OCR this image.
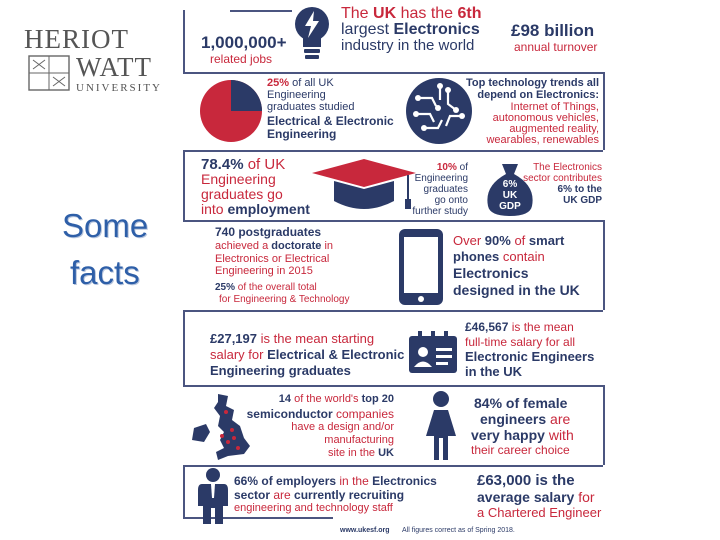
HERIOT
WATT
UNIVERSITY
Some
facts
1,000,000+
related jobs
The UK has the 6th
largest Electronics
industry in the world
£98 billion
annual turnover
25% of all UK
Engineering
graduates studied
Electrical & Electronic
Engineering
Top technology trends all
depend on Electronics:
Internet of Things,
autonomous vehicles,
augmented reality,
wearables, renewables
78.4% of UK
Engineering
graduates go
into employment
10% of
Engineering
graduates
go onto
further study
6%
UK
GDP
The Electronics
sector contributes
6% to the
UK GDP
740 postgraduates
achieved a doctorate in
Electronics or Electrical
Engineering in 2015
25% of the overall total
for Engineering & Technology
Over 90% of smart
phones contain
Electronics
designed in the UK
£27,197 is the mean starting
salary for Electrical & Electronic
Engineering graduates
£46,567 is the mean
full-time salary for all
Electronic Engineers
in the UK
14 of the world's top 20
semiconductor companies
have a design and/or
manufacturing
site in the UK
84% of female
engineers are
very happy with
their career choice
66% of employers in the Electronics
sector are currently recruiting
engineering and technology staff
£63,000 is the
average salary for
a Chartered Engineer
www.ukesf.org All figures correct as of Spring 2018.
